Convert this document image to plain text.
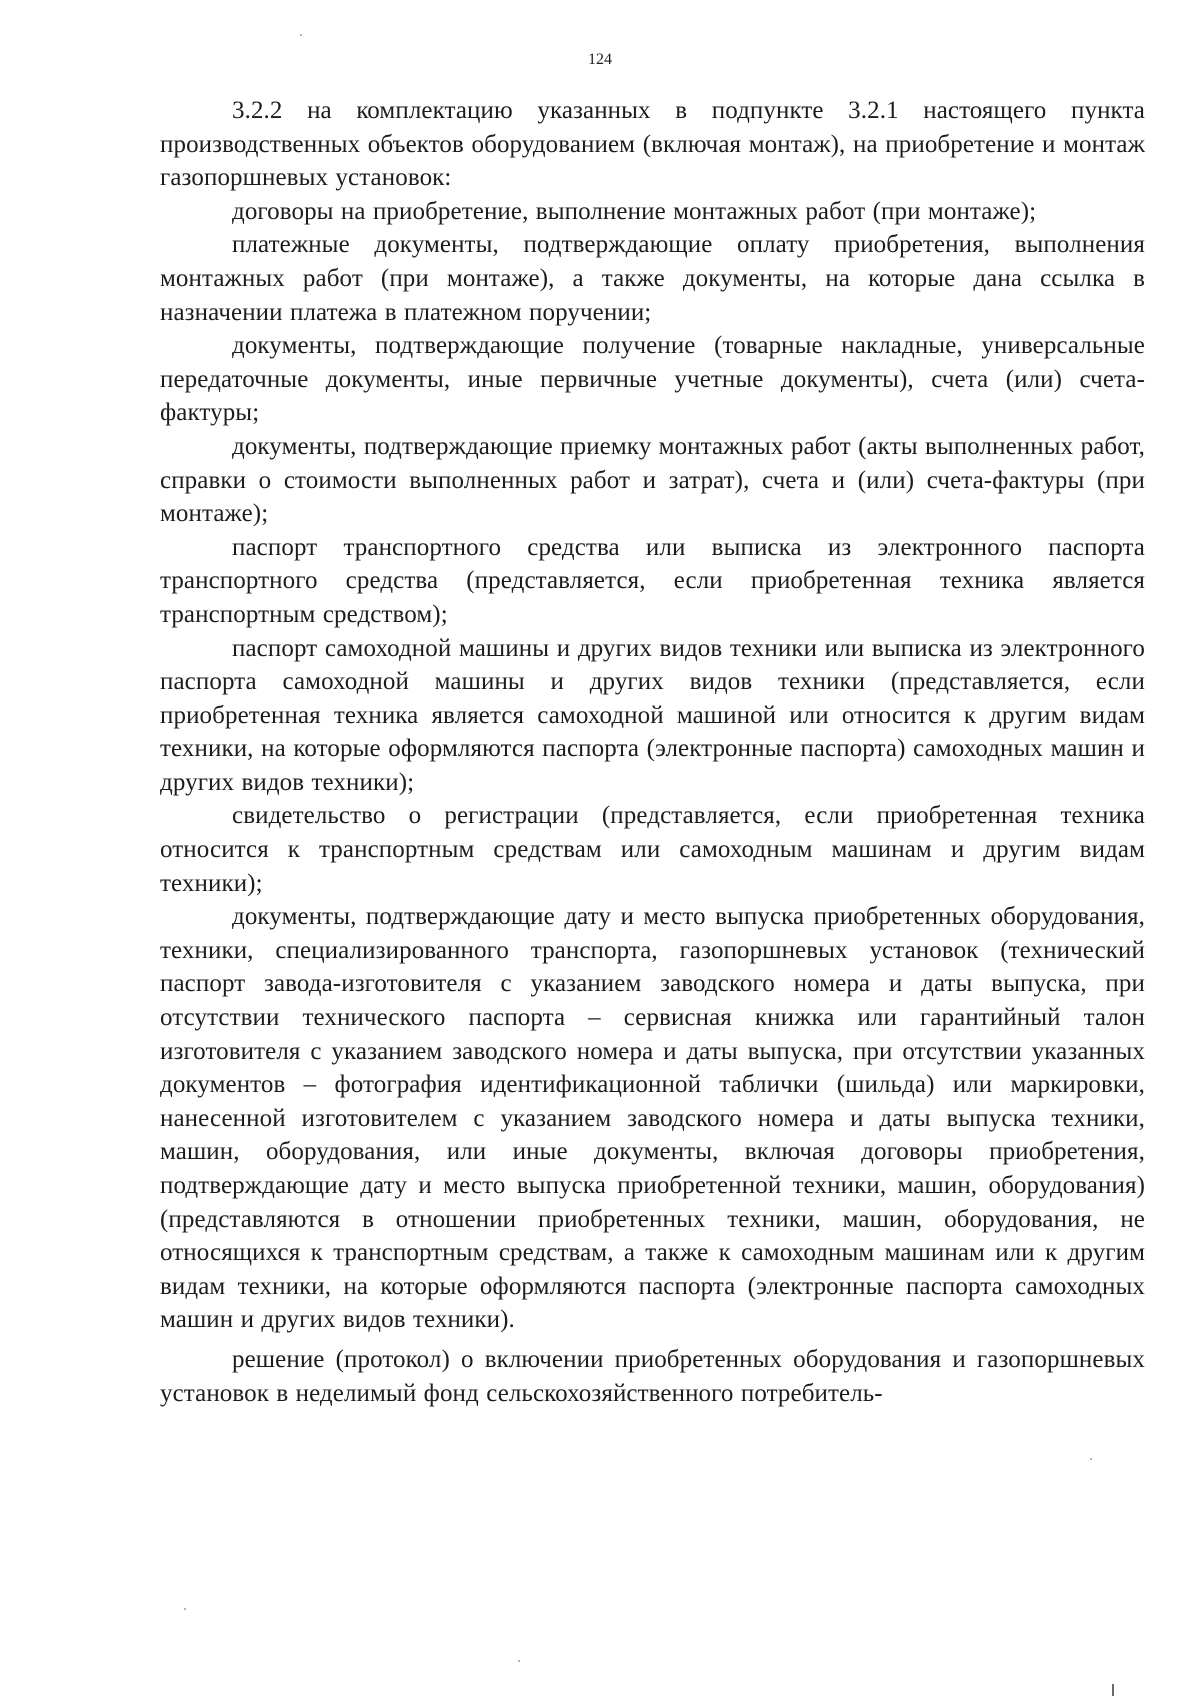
124

3.2.2 на комплектацию указанных в подпункте 3.2.1 настоящего пункта производственных объектов оборудованием (включая монтаж), на приобретение и монтаж газопоршневых установок:

договоры на приобретение, выполнение монтажных работ (при монтаже);

платежные документы, подтверждающие оплату приобретения, выполнения монтажных работ (при монтаже), а также документы, на которые дана ссылка в назначении платежа в платежном поручении;

документы, подтверждающие получение (товарные накладные, универсальные передаточные документы, иные первичные учетные документы), счета (или) счета-фактуры;

документы, подтверждающие приемку монтажных работ (акты выполненных работ, справки о стоимости выполненных работ и затрат), счета и (или) счета-фактуры (при монтаже);

паспорт транспортного средства или выписка из электронного паспорта транспортного средства (представляется, если приобретенная техника является транспортным средством);

паспорт самоходной машины и других видов техники или выписка из электронного паспорта самоходной машины и других видов техники (представляется, если приобретенная техника является самоходной машиной или относится к другим видам техники, на которые оформляются паспорта (электронные паспорта) самоходных машин и других видов техники);

свидетельство о регистрации (представляется, если приобретенная техника относится к транспортным средствам или самоходным машинам и другим видам техники);

документы, подтверждающие дату и место выпуска приобретенных оборудования, техники, специализированного транспорта, газопоршневых установок (технический паспорт завода-изготовителя с указанием заводского номера и даты выпуска, при отсутствии технического паспорта – сервисная книжка или гарантийный талон изготовителя с указанием заводского номера и даты выпуска, при отсутствии указанных документов – фотография идентификационной таблички (шильда) или маркировки, нанесенной изготовителем с указанием заводского номера и даты выпуска техники, машин, оборудования, или иные документы, включая договоры приобретения, подтверждающие дату и место выпуска приобретенной техники, машин, оборудования) (представляются в отношении приобретенных техники, машин, оборудования, не относящихся к транспортным средствам, а также к самоходным машинам или к другим видам техники, на которые оформляются паспорта (электронные паспорта самоходных машин и других видов техники).

решение (протокол) о включении приобретенных оборудования и газопоршневых установок в неделимый фонд сельскохозяйственного потребитель-
